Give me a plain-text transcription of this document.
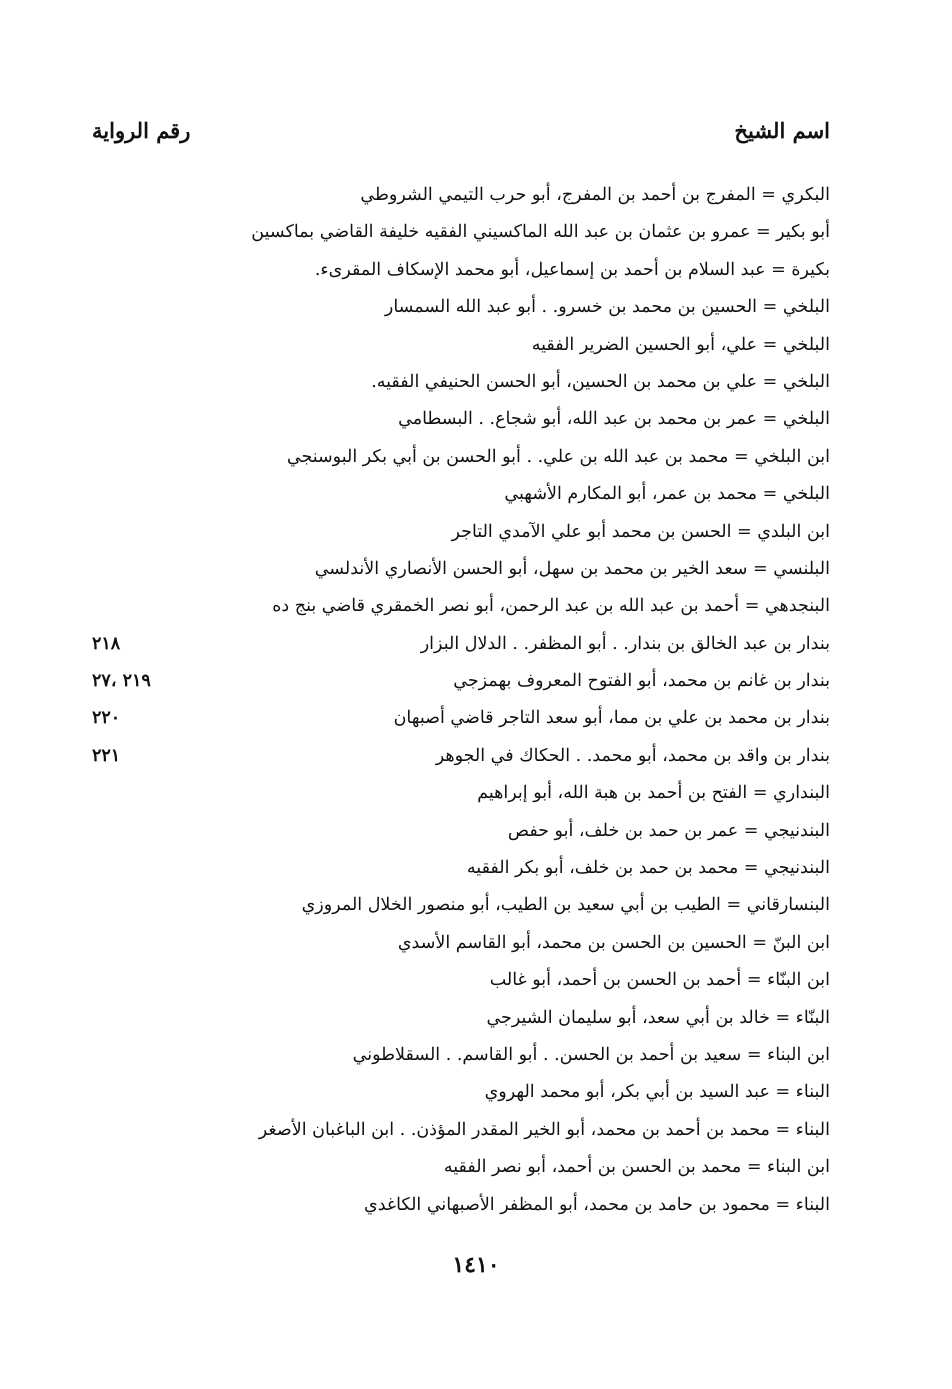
اسم الشيخ
رقم الرواية
البكري = المفرج بن أحمد بن المفرج، أبو حرب التيمي الشروطي
أبو بكير = عمرو بن عثمان بن عبد الله الماكسيني الفقيه خليفة القاضي بماكسين
بكيرة = عبد السلام بن أحمد بن إسماعيل، أبو محمد الإسكاف المقرىء.
البلخي = الحسين بن محمد بن خسرو. . أبو عبد الله السمسار
البلخي = علي، أبو الحسين الضرير الفقيه
البلخي = علي بن محمد بن الحسين، أبو الحسن الحنيفي الفقيه.
البلخي = عمر بن محمد بن عبد الله، أبو شجاع. . البسطامي
ابن البلخي = محمد بن عبد الله بن علي. . أبو الحسن بن أبي بكر البوسنجي
البلخي = محمد بن عمر، أبو المكارم الأشهبي
ابن البلدي = الحسن بن محمد أبو علي الآمدي التاجر
البلنسي = سعد الخير بن محمد بن سهل، أبو الحسن الأنصاري الأندلسي
البنجدهي = أحمد بن عبد الله بن عبد الرحمن، أبو نصر الخمقري قاضي بنج ده
بندار بن عبد الخالق بن بندار. . أبو المظفر. . الدلال البزار
٢١٨
بندار بن غانم بن محمد، أبو الفتوح المعروف بهمزجي
٢١٩ ،٢٧
بندار بن محمد بن علي بن مما، أبو سعد التاجر قاضي أصبهان
٢٢٠
بندار بن واقد بن محمد، أبو محمد. . الحكاك في الجوهر
٢٢١
البنداري = الفتح بن أحمد بن هبة الله، أبو إبراهيم
البندنيجي = عمر بن حمد بن خلف، أبو حفص
البندنيجي = محمد بن حمد بن خلف، أبو بكر الفقيه
البنسارقاني = الطيب بن أبي سعيد بن الطيب، أبو منصور الخلال المروزي
ابن البنّ = الحسين بن الحسن بن محمد، أبو القاسم الأسدي
ابن البنّاء = أحمد بن الحسن بن أحمد، أبو غالب
البنّاء = خالد بن أبي سعد، أبو سليمان الشيرجي
ابن البناء = سعيد بن أحمد بن الحسن. . أبو القاسم. . السقلاطوني
البناء = عبد السيد بن أبي بكر، أبو محمد الهروي
البناء = محمد بن أحمد بن محمد، أبو الخير المقدر المؤذن. . ابن الباغبان الأصغر
ابن البناء = محمد بن الحسن بن أحمد، أبو نصر الفقيه
البناء = محمود بن حامد بن محمد، أبو المظفر الأصبهاني الكاغدي
١٤١٠
